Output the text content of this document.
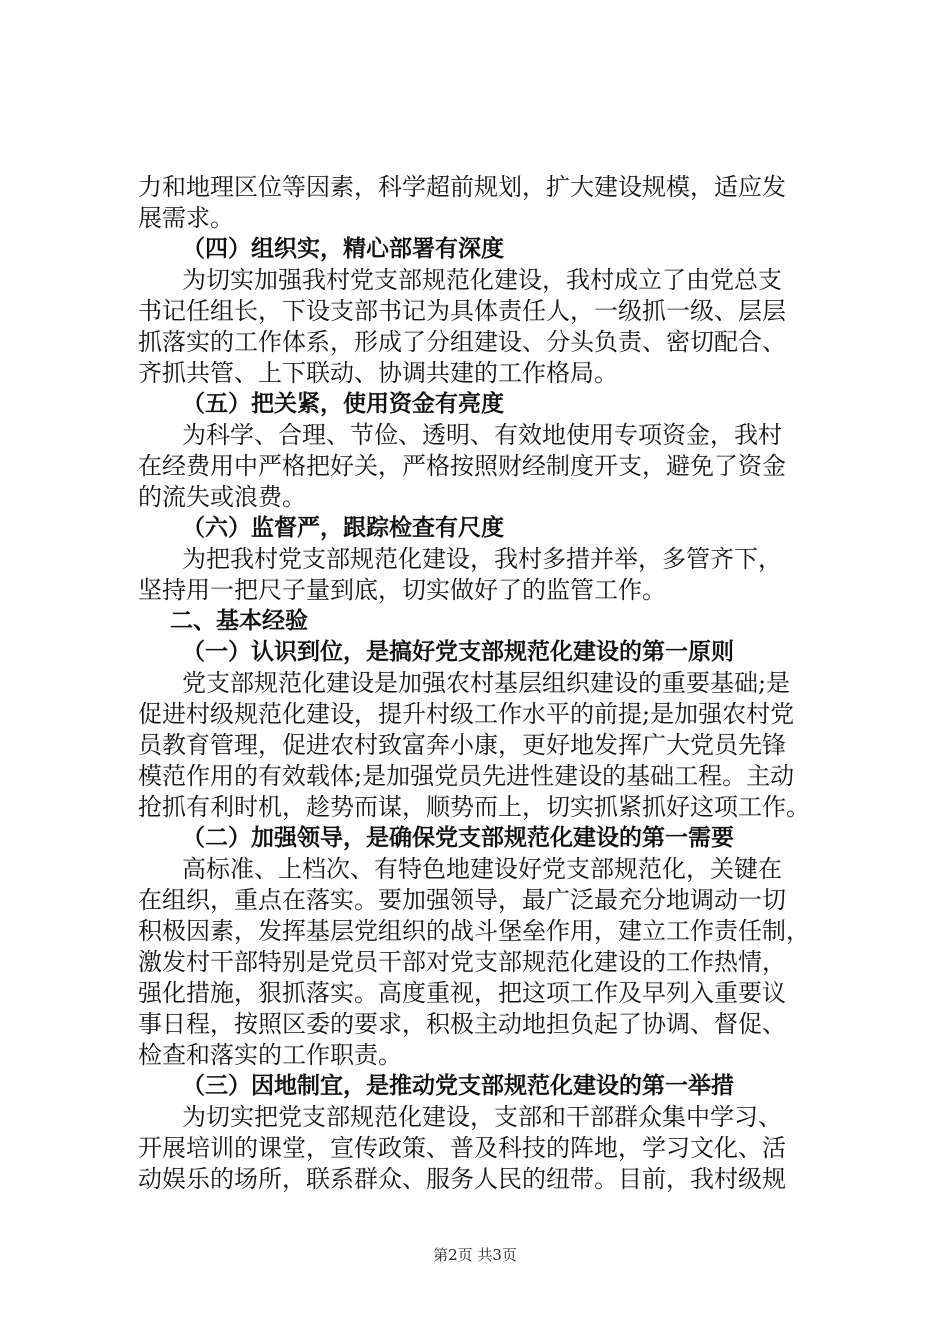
力和地理区位等因素，科学超前规划，扩大建设规模，适应发
展需求。
（四）组织实，精心部署有深度
为切实加强我村党支部规范化建设，我村成立了由党总支
书记任组长，下设支部书记为具体责任人，一级抓一级、层层
抓落实的工作体系，形成了分组建设、分头负责、密切配合、
齐抓共管、上下联动、协调共建的工作格局。
（五）把关紧，使用资金有亮度
为科学、合理、节俭、透明、有效地使用专项资金，我村
在经费用中严格把好关，严格按照财经制度开支，避免了资金
的流失或浪费。
（六）监督严，跟踪检查有尺度
为把我村党支部规范化建设，我村多措并举，多管齐下，
坚持用一把尺子量到底，切实做好了的监管工作。
二、基本经验
（一）认识到位，是搞好党支部规范化建设的第一原则
党支部规范化建设是加强农村基层组织建设的重要基础;是
促进村级规范化建设，提升村级工作水平的前提;是加强农村党
员教育管理，促进农村致富奔小康，更好地发挥广大党员先锋
模范作用的有效载体;是加强党员先进性建设的基础工程。主动
抢抓有利时机，趁势而谋，顺势而上，切实抓紧抓好这项工作。
（二）加强领导，是确保党支部规范化建设的第一需要
高标准、上档次、有特色地建设好党支部规范化，关键在
在组织，重点在落实。要加强领导，最广泛最充分地调动一切
积极因素，发挥基层党组织的战斗堡垒作用，建立工作责任制，
激发村干部特别是党员干部对党支部规范化建设的工作热情，
强化措施，狠抓落实。高度重视，把这项工作及早列入重要议
事日程，按照区委的要求，积极主动地担负起了协调、督促、
检查和落实的工作职责。
（三）因地制宜，是推动党支部规范化建设的第一举措
为切实把党支部规范化建设，支部和干部群众集中学习、
开展培训的课堂，宣传政策、普及科技的阵地，学习文化、活
动娱乐的场所，联系群众、服务人民的纽带。目前，我村级规
第2页 共3页
